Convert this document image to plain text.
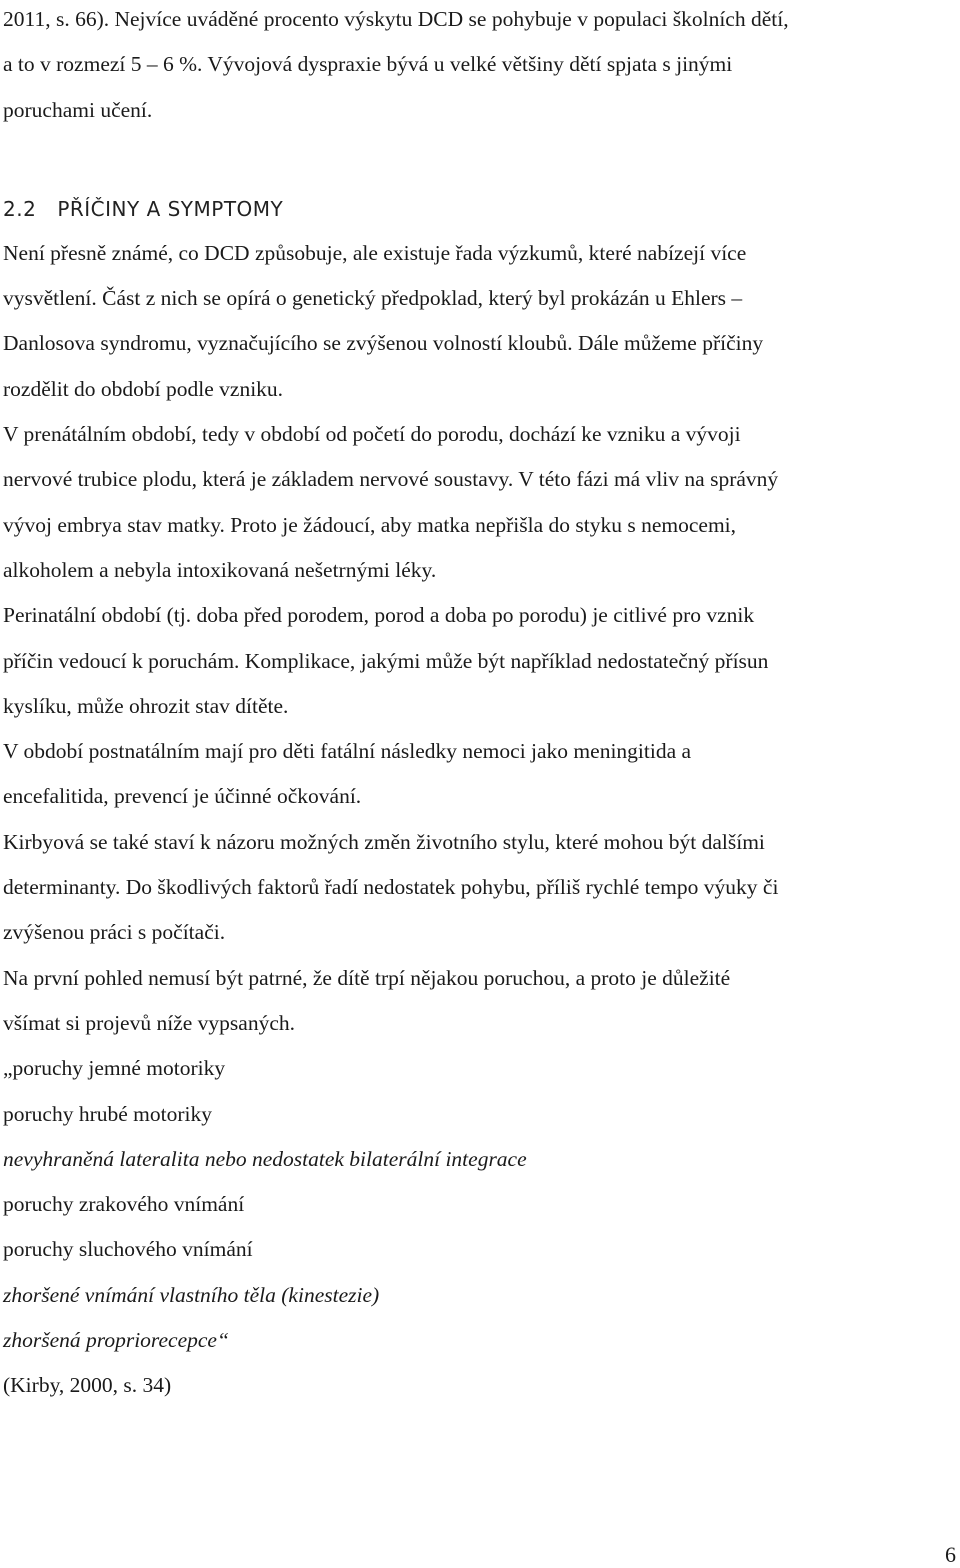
2011, s. 66). Nejvíce uváděné procento výskytu DCD se pohybuje v populaci školních dětí,
a to v rozmezí 5 – 6 %. Vývojová dyspraxie bývá u velké většiny dětí spjata s jinými
poruchami učení.
2.2 PŘÍČINY A SYMPTOMY
Není přesně známé, co DCD způsobuje, ale existuje řada výzkumů, které nabízejí více
vysvětlení. Část z nich se opírá o genetický předpoklad, který byl prokázán u Ehlers –
Danlosova syndromu, vyznačujícího se zvýšenou volností kloubů. Dále můžeme příčiny
rozdělit do období podle vzniku.
V prenátálním období, tedy v období od početí do porodu, dochází ke vzniku a vývoji
nervové trubice plodu, která je základem nervové soustavy. V této fázi má vliv na správný
vývoj embrya stav matky. Proto je žádoucí, aby matka nepřišla do styku s nemocemi,
alkoholem a nebyla intoxikovaná nešetrnými léky.
Perinatální období (tj. doba před porodem, porod a doba po porodu) je citlivé pro vznik
příčin vedoucí k poruchám. Komplikace, jakými může být například nedostatečný přísun
kyslíku, může ohrozit stav dítěte.
V období postnatálním mají pro děti fatální následky nemoci jako meningitida a
encefalitida, prevencí je účinné očkování.
Kirbyová se také staví k názoru možných změn životního stylu, které mohou být dalšími
determinanty. Do škodlivých faktorů řadí nedostatek pohybu, příliš rychlé tempo výuky či
zvýšenou práci s počítači.
Na první pohled nemusí být patrné, že dítě trpí nějakou poruchou, a proto je důležité
všímat si projevů níže vypsaných.
„poruchy jemné motoriky
poruchy hrubé motoriky
nevyhraněná lateralita nebo nedostatek bilaterální integrace
poruchy zrakového vnímání
poruchy sluchového vnímání
zhoršené vnímání vlastního těla (kinestezie)
zhoršená propriorecepce“
(Kirby, 2000, s. 34)
6
